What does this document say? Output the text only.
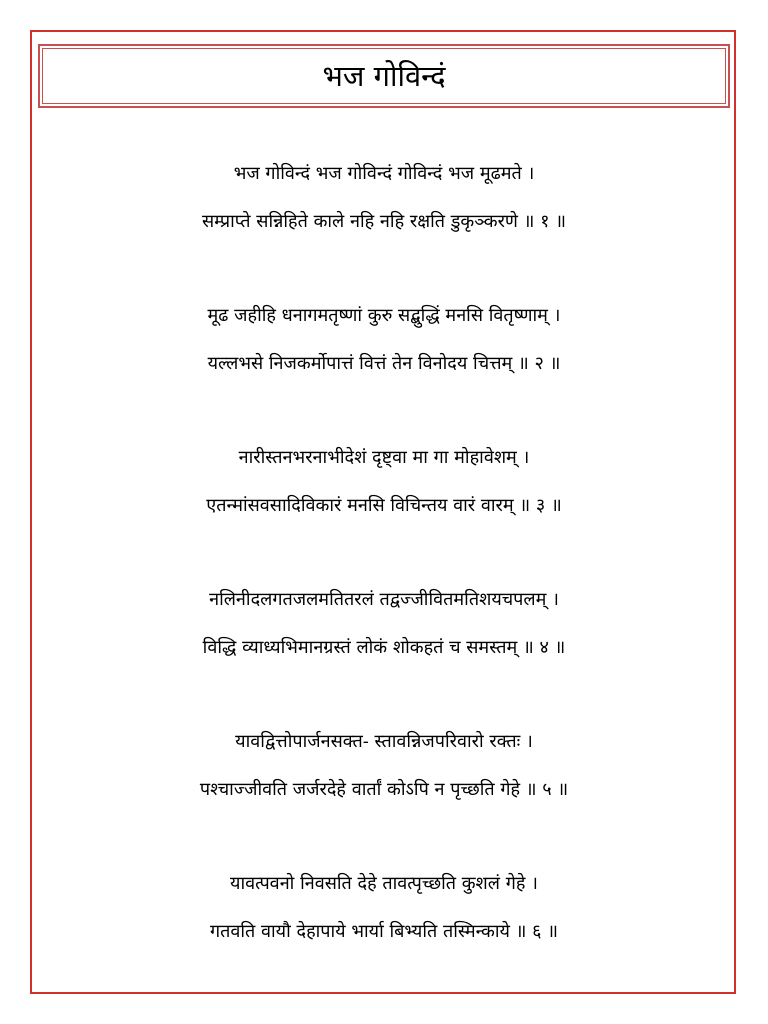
भज गोविन्दं
भज गोविन्दं भज गोविन्दं गोविन्दं भज मूढमते ।
सम्प्राप्ते सन्निहिते काले नहि नहि रक्षति डुकृञ्करणे ॥ १ ॥
मूढ जहीहि धनागमतृष्णां कुरु सद्बुद्धिं मनसि वितृष्णाम् ।
यल्लभसे निजकर्मोपात्तं वित्तं तेन विनोदय चित्तम् ॥ २ ॥
नारीस्तनभरनाभीदेशं दृष्ट्वा मा गा मोहावेशम् ।
एतन्मांसवसादिविकारं मनसि विचिन्तय वारं वारम् ॥ ३ ॥
नलिनीदलगतजलमतितरलं तद्वज्जीवितमतिशयचपलम् ।
विद्धि व्याध्यभिमानग्रस्तं लोकं शोकहतं च समस्तम् ॥ ४ ॥
यावद्वित्तोपार्जनसक्त- स्तावन्निजपरिवारो रक्तः ।
पश्चाज्जीवति जर्जरदेहे वार्तां कोऽपि न पृच्छति गेहे ॥ ५ ॥
यावत्पवनो निवसति देहे तावत्पृच्छति कुशलं गेहे ।
गतवति वायौ देहापाये भार्या बिभ्यति तस्मिन्काये ॥ ६ ॥
